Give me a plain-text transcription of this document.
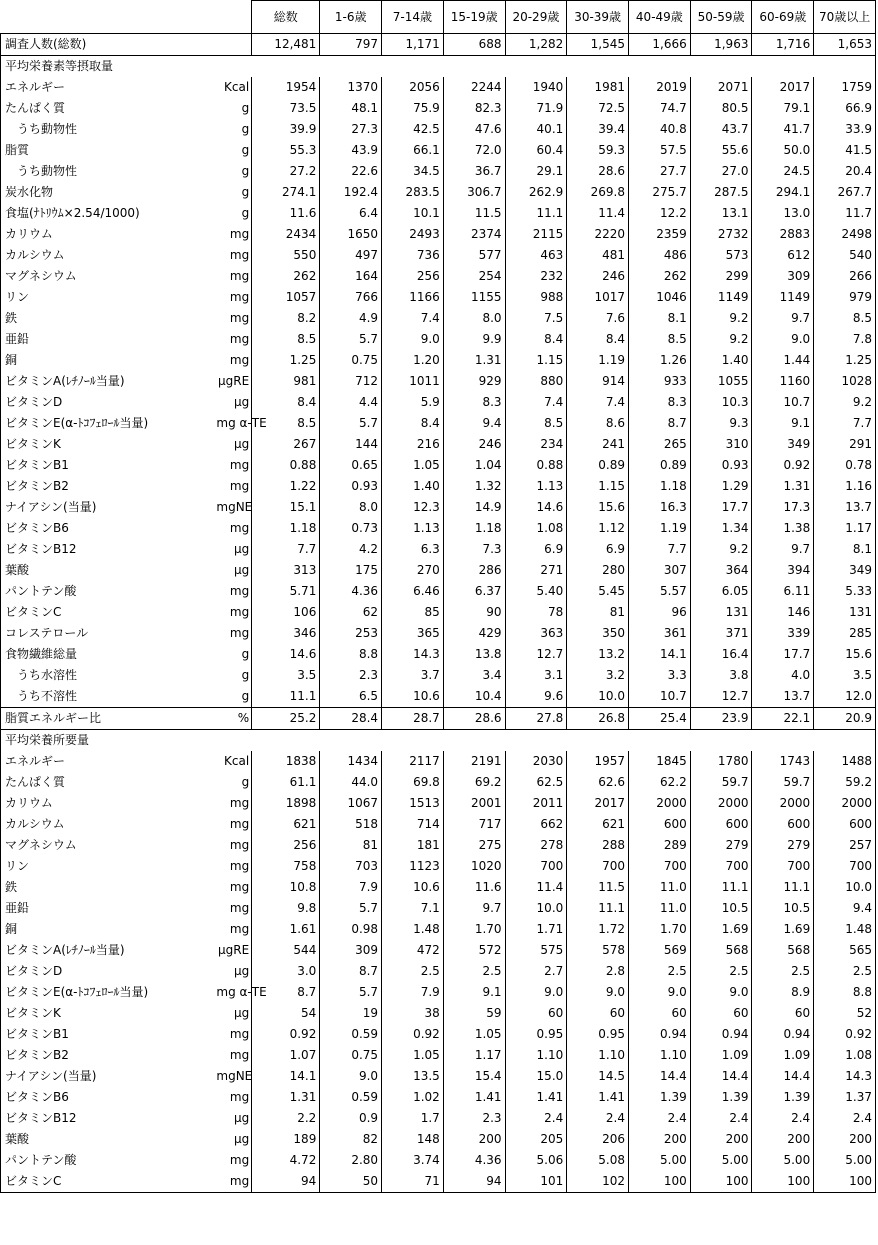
		総数	1-6歳	7-14歳	15-19歳	20-29歳	30-39歳	40-49歳	50-59歳	60-69歳	70歳以上
調査人数(総数)		12,481	797	1,171	688	1,282	1,545	1,666	1,963	1,716	1,653
平均栄養素等摂取量											
エネルギー	Kcal	1954	1370	2056	2244	1940	1981	2019	2071	2017	1759
たんぱく質	g	73.5	48.1	75.9	82.3	71.9	72.5	74.7	80.5	79.1	66.9
うち動物性	g	39.9	27.3	42.5	47.6	40.1	39.4	40.8	43.7	41.7	33.9
脂質	g	55.3	43.9	66.1	72.0	60.4	59.3	57.5	55.6	50.0	41.5
うち動物性	g	27.2	22.6	34.5	36.7	29.1	28.6	27.7	27.0	24.5	20.4
炭水化物	g	274.1	192.4	283.5	306.7	262.9	269.8	275.7	287.5	294.1	267.7
食塩(ﾅﾄﾘｳﾑ×2.54/1000)	g	11.6	6.4	10.1	11.5	11.1	11.4	12.2	13.1	13.0	11.7
カリウム	mg	2434	1650	2493	2374	2115	2220	2359	2732	2883	2498
カルシウム	mg	550	497	736	577	463	481	486	573	612	540
マグネシウム	mg	262	164	256	254	232	246	262	299	309	266
リン	mg	1057	766	1166	1155	988	1017	1046	1149	1149	979
鉄	mg	8.2	4.9	7.4	8.0	7.5	7.6	8.1	9.2	9.7	8.5
亜鉛	mg	8.5	5.7	9.0	9.9	8.4	8.4	8.5	9.2	9.0	7.8
銅	mg	1.25	0.75	1.20	1.31	1.15	1.19	1.26	1.40	1.44	1.25
ビタミンA(ﾚﾁﾉｰﾙ当量)	μgRE	981	712	1011	929	880	914	933	1055	1160	1028
ビタミンD	μg	8.4	4.4	5.9	8.3	7.4	7.4	8.3	10.3	10.7	9.2
ビタミンE(α-ﾄｺﾌｪﾛｰﾙ当量)	mg α-TE	8.5	5.7	8.4	9.4	8.5	8.6	8.7	9.3	9.1	7.7
ビタミンK	μg	267	144	216	246	234	241	265	310	349	291
ビタミンB1	mg	0.88	0.65	1.05	1.04	0.88	0.89	0.89	0.93	0.92	0.78
ビタミンB2	mg	1.22	0.93	1.40	1.32	1.13	1.15	1.18	1.29	1.31	1.16
ナイアシン(当量)	mgNE	15.1	8.0	12.3	14.9	14.6	15.6	16.3	17.7	17.3	13.7
ビタミンB6	mg	1.18	0.73	1.13	1.18	1.08	1.12	1.19	1.34	1.38	1.17
ビタミンB12	μg	7.7	4.2	6.3	7.3	6.9	6.9	7.7	9.2	9.7	8.1
葉酸	μg	313	175	270	286	271	280	307	364	394	349
パントテン酸	mg	5.71	4.36	6.46	6.37	5.40	5.45	5.57	6.05	6.11	5.33
ビタミンC	mg	106	62	85	90	78	81	96	131	146	131
コレステロール	mg	346	253	365	429	363	350	361	371	339	285
食物繊維総量	g	14.6	8.8	14.3	13.8	12.7	13.2	14.1	16.4	17.7	15.6
うち水溶性	g	3.5	2.3	3.7	3.4	3.1	3.2	3.3	3.8	4.0	3.5
うち不溶性	g	11.1	6.5	10.6	10.4	9.6	10.0	10.7	12.7	13.7	12.0
脂質エネルギー比	%	25.2	28.4	28.7	28.6	27.8	26.8	25.4	23.9	22.1	20.9
平均栄養所要量											
エネルギー	Kcal	1838	1434	2117	2191	2030	1957	1845	1780	1743	1488
たんぱく質	g	61.1	44.0	69.8	69.2	62.5	62.6	62.2	59.7	59.7	59.2
カリウム	mg	1898	1067	1513	2001	2011	2017	2000	2000	2000	2000
カルシウム	mg	621	518	714	717	662	621	600	600	600	600
マグネシウム	mg	256	81	181	275	278	288	289	279	279	257
リン	mg	758	703	1123	1020	700	700	700	700	700	700
鉄	mg	10.8	7.9	10.6	11.6	11.4	11.5	11.0	11.1	11.1	10.0
亜鉛	mg	9.8	5.7	7.1	9.7	10.0	11.1	11.0	10.5	10.5	9.4
銅	mg	1.61	0.98	1.48	1.70	1.71	1.72	1.70	1.69	1.69	1.48
ビタミンA(ﾚﾁﾉｰﾙ当量)	μgRE	544	309	472	572	575	578	569	568	568	565
ビタミンD	μg	3.0	8.7	2.5	2.5	2.7	2.8	2.5	2.5	2.5	2.5
ビタミンE(α-ﾄｺﾌｪﾛｰﾙ当量)	mg α-TE	8.7	5.7	7.9	9.1	9.0	9.0	9.0	9.0	8.9	8.8
ビタミンK	μg	54	19	38	59	60	60	60	60	60	52
ビタミンB1	mg	0.92	0.59	0.92	1.05	0.95	0.95	0.94	0.94	0.94	0.92
ビタミンB2	mg	1.07	0.75	1.05	1.17	1.10	1.10	1.10	1.09	1.09	1.08
ナイアシン(当量)	mgNE	14.1	9.0	13.5	15.4	15.0	14.5	14.4	14.4	14.4	14.3
ビタミンB6	mg	1.31	0.59	1.02	1.41	1.41	1.41	1.39	1.39	1.39	1.37
ビタミンB12	μg	2.2	0.9	1.7	2.3	2.4	2.4	2.4	2.4	2.4	2.4
葉酸	μg	189	82	148	200	205	206	200	200	200	200
パントテン酸	mg	4.72	2.80	3.74	4.36	5.06	5.08	5.00	5.00	5.00	5.00
ビタミンC	mg	94	50	71	94	101	102	100	100	100	100
